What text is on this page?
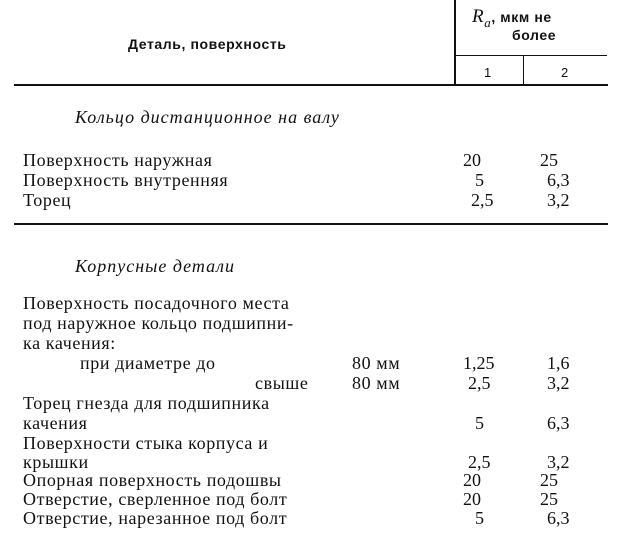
Деталь, поверхность
$R_a$, мкм не
более
1	2
Кольцо дистанционное на валу
Поверхность наружная	20	25
Поверхность внутренняя	5	6,3
Торец	2,5	3,2
Корпусные детали
Поверхность посадочного места
под наружное кольцо подшипни-
ка качения:
при диаметре до	80 мм	1,25	1,6
свыше 80 мм	2,5	3,2
Торец гнезда для подшипника
качения	5	6,3
Поверхности стыка корпуса и
крышки	2,5	3,2
Опорная поверхность подошвы	20	25
Отверстие, сверленное под болт	20	25
Отверстие, нарезанное под болт	5	6,3
